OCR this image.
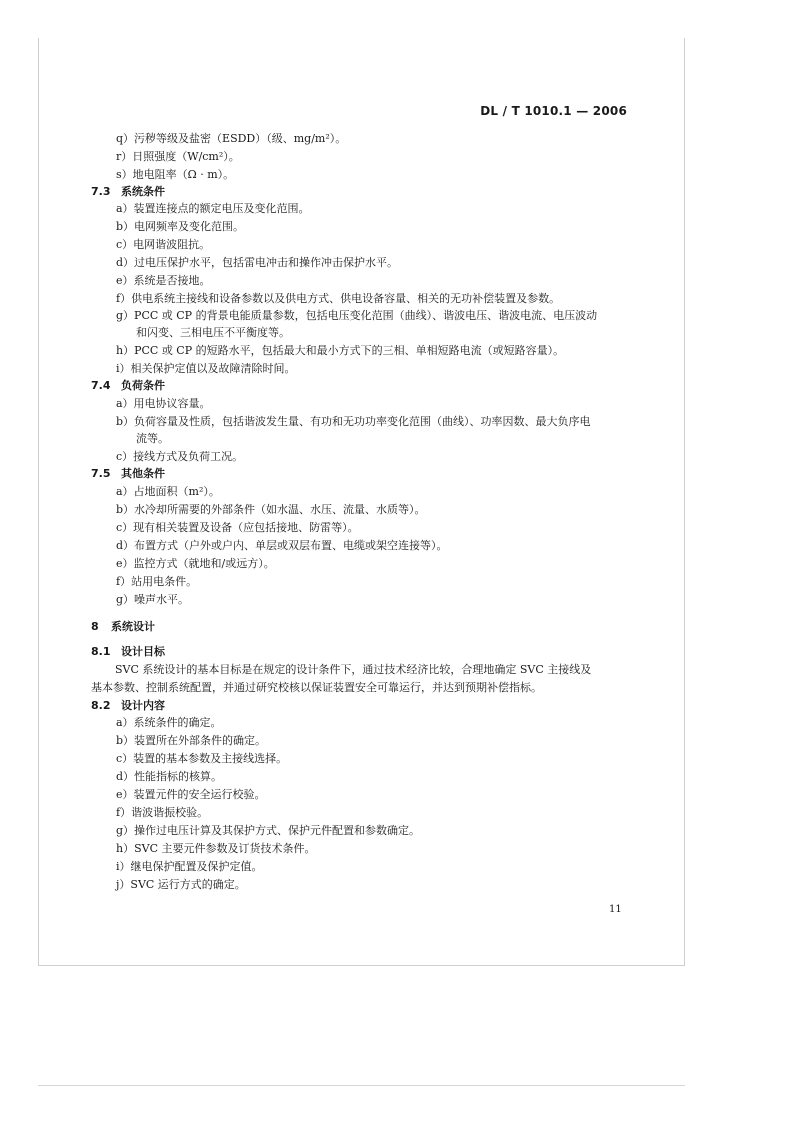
DL / T 1010.1 — 2006
q）污秽等级及盐密（ESDD）（级、mg/m²）。
r）日照强度（W/cm²）。
s）地电阻率（Ω · m）。
7.3 系统条件
a）装置连接点的额定电压及变化范围。
b）电网频率及变化范围。
c）电网谐波阻抗。
d）过电压保护水平，包括雷电冲击和操作冲击保护水平。
e）系统是否接地。
f）供电系统主接线和设备参数以及供电方式、供电设备容量、相关的无功补偿装置及参数。
g）PCC 或 CP 的背景电能质量参数，包括电压变化范围（曲线）、谐波电压、谐波电流、电压波动
和闪变、三相电压不平衡度等。
h）PCC 或 CP 的短路水平，包括最大和最小方式下的三相、单相短路电流（或短路容量）。
i）相关保护定值以及故障清除时间。
7.4 负荷条件
a）用电协议容量。
b）负荷容量及性质，包括谐波发生量、有功和无功功率变化范围（曲线）、功率因数、最大负序电
流等。
c）接线方式及负荷工况。
7.5 其他条件
a）占地面积（m²）。
b）水冷却所需要的外部条件（如水温、水压、流量、水质等）。
c）现有相关装置及设备（应包括接地、防雷等）。
d）布置方式（户外或户内、单层或双层布置、电缆或架空连接等）。
e）监控方式（就地和/或远方）。
f）站用电条件。
g）噪声水平。
8 系统设计
8.1 设计目标
SVC 系统设计的基本目标是在规定的设计条件下，通过技术经济比较，合理地确定 SVC 主接线及
基本参数、控制系统配置，并通过研究校核以保证装置安全可靠运行，并达到预期补偿指标。
8.2 设计内容
a）系统条件的确定。
b）装置所在外部条件的确定。
c）装置的基本参数及主接线选择。
d）性能指标的核算。
e）装置元件的安全运行校验。
f）谐波谐振校验。
g）操作过电压计算及其保护方式、保护元件配置和参数确定。
h）SVC 主要元件参数及订货技术条件。
i）继电保护配置及保护定值。
j）SVC 运行方式的确定。
11
